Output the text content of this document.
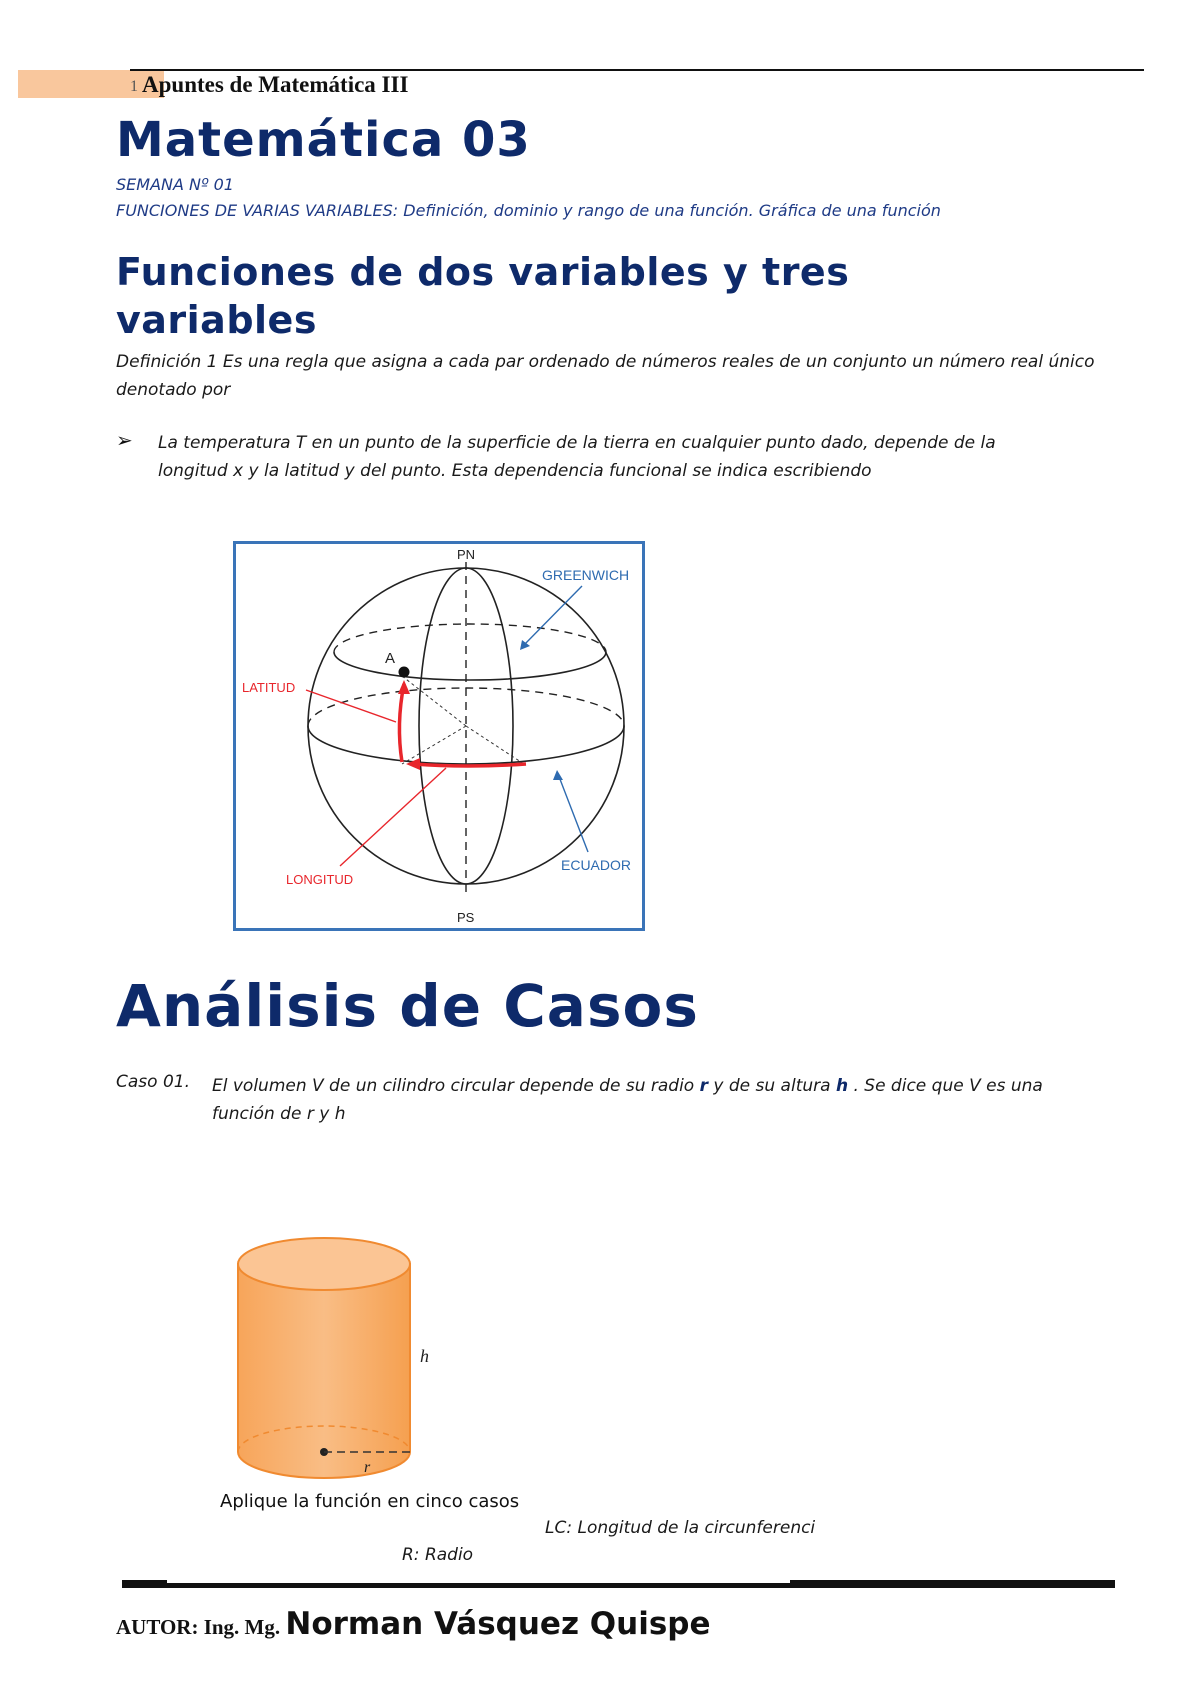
1 Apuntes de Matemática III
Matemática 03
SEMANA Nº 01
FUNCIONES DE VARIAS VARIABLES: Definición, dominio y rango de una función. Gráfica de una función
Funciones de dos variables y tres variables
Definición 1 Es una regla que asigna a cada par ordenado de números reales de un conjunto un número real único denotado por
➢ La temperatura T en un punto de la superficie de la tierra en cualquier punto dado, depende de la longitud x y la latitud y del punto. Esta dependencia funcional se indica escribiendo
PN
PS
GREENWICH
A
LATITUD
LONGITUD
ECUADOR
Análisis de Casos
Caso 01. El volumen V de un cilindro circular depende de su radio r y de su altura h . Se dice que V es una función de r y h
h
r
Aplique la función en cinco casos
LC: Longitud de la circunferenci
R: Radio
AUTOR: Ing. Mg. Norman Vásquez Quispe
